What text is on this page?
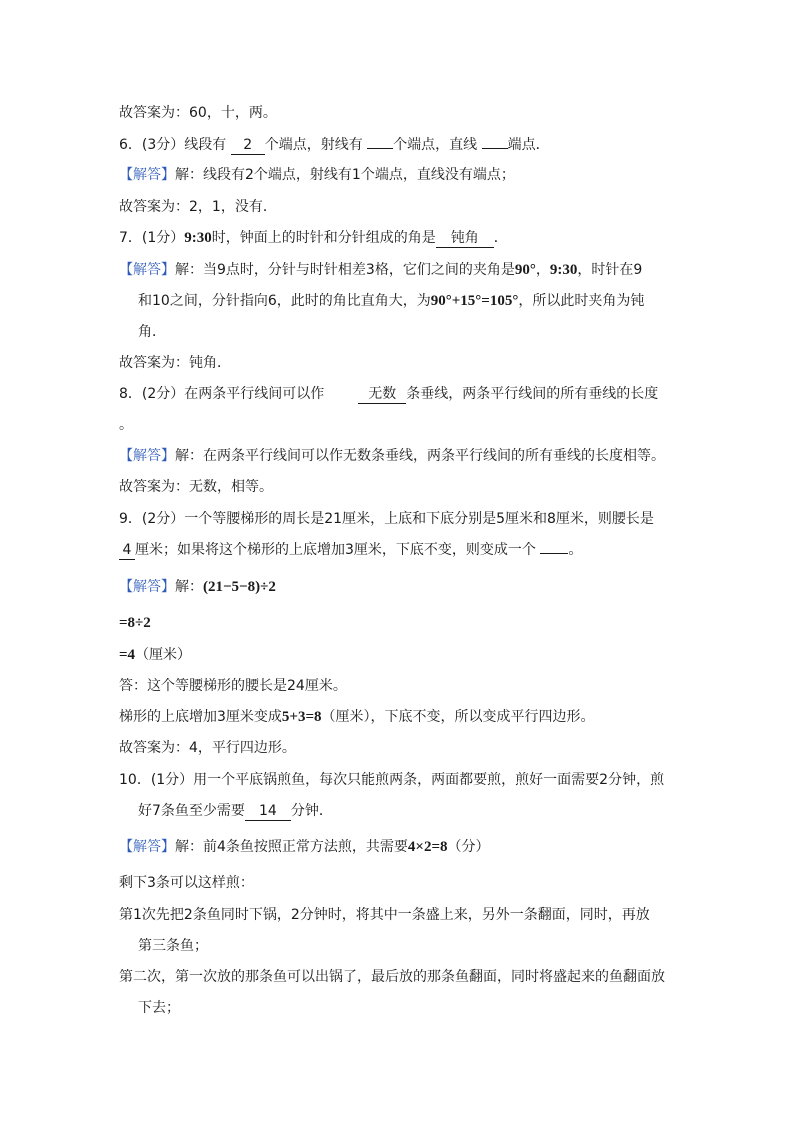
故答案为：60，十，两。
6．(3分）线段有 2 个端点，射线有 个端点，直线 端点．
【解答】解：线段有2个端点，射线有1个端点，直线没有端点；
故答案为：2，1，没有．
7．(1分）9:30时，钟面上的时针和分针组成的角是 钝角 ．
【解答】解：当9点时，分针与时针相差3格，它们之间的夹角是90°，9:30，时针在9
和10之间，分针指向6，此时的角比直角大，为90°+15°=105°，所以此时夹角为钝
角．
故答案为：钝角．
8．(2分）在两条平行线间可以作	无数 条垂线，两条平行线间的所有垂线的长度
。
【解答】解：在两条平行线间可以作无数条垂线，两条平行线间的所有垂线的长度相等。
故答案为：无数，相等。
9．(2分）一个等腰梯形的周长是21厘米，上底和下底分别是5厘米和8厘米，则腰长是
4 厘米；如果将这个梯形的上底增加3厘米，下底不变，则变成一个 。
【解答】解：(21−5−8)÷2
=8÷2
=4（厘米）
答：这个等腰梯形的腰长是24厘米。
梯形的上底增加3厘米变成5+3=8（厘米），下底不变，所以变成平行四边形。
故答案为：4，平行四边形。
10．(1分）用一个平底锅煎鱼，每次只能煎两条，两面都要煎，煎好一面需要2分钟，煎
好7条鱼至少需要 14 分钟．
【解答】解：前4条鱼按照正常方法煎，共需要4×2=8（分）
剩下3条可以这样煎：
第1次先把2条鱼同时下锅，2分钟时，将其中一条盛上来，另外一条翻面，同时，再放
第三条鱼；
第二次，第一次放的那条鱼可以出锅了，最后放的那条鱼翻面，同时将盛起来的鱼翻面放
下去；
